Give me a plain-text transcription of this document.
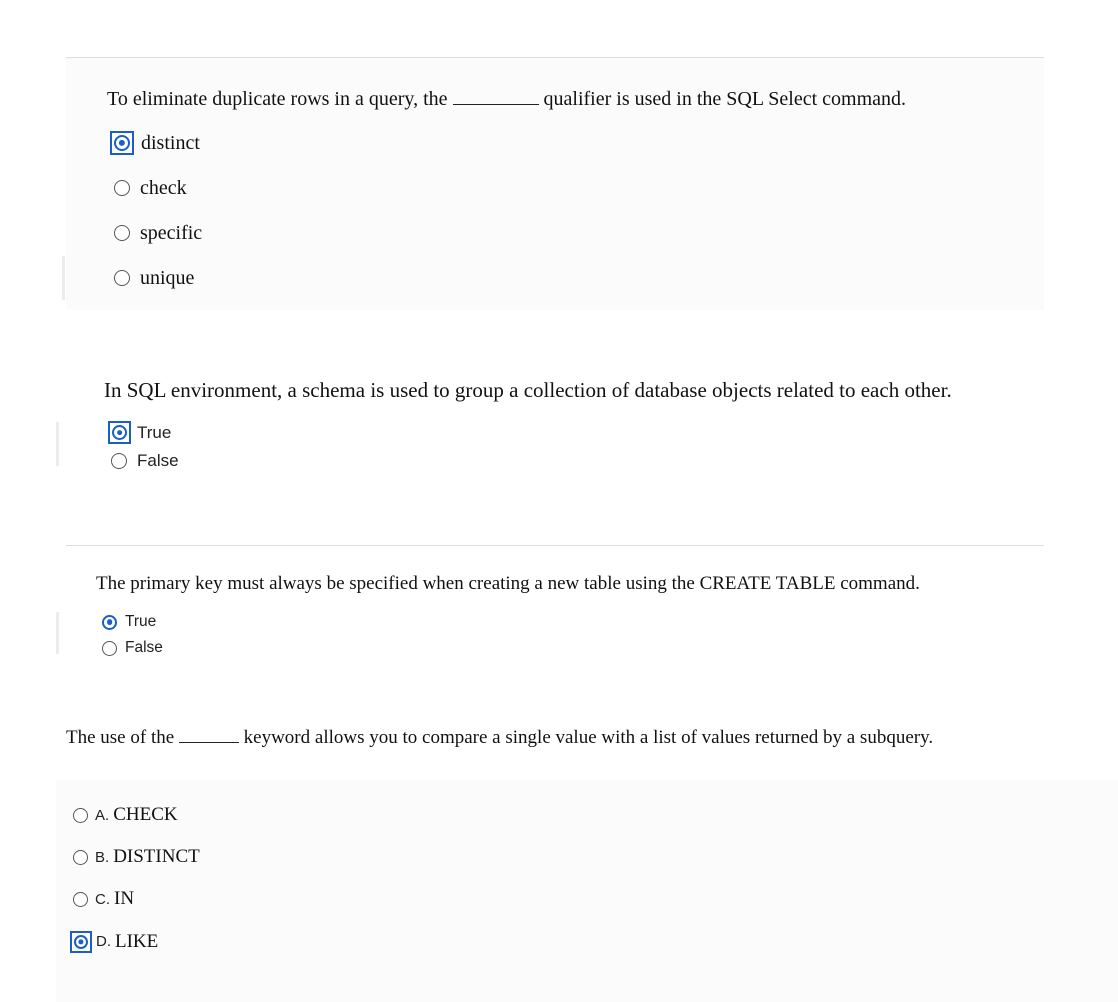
To eliminate duplicate rows in a query, the	qualifier is used in the SQL Select command.

distinct
check
specific
unique

In SQL environment, a schema is used to group a collection of database objects related to each other.

True
False

The primary key must always be specified when creating a new table using the CREATE TABLE command.

True
False

The use of the	keyword allows you to compare a single value with a list of values returned by a subquery.

A. CHECK
B. DISTINCT
C. IN
D. LIKE
